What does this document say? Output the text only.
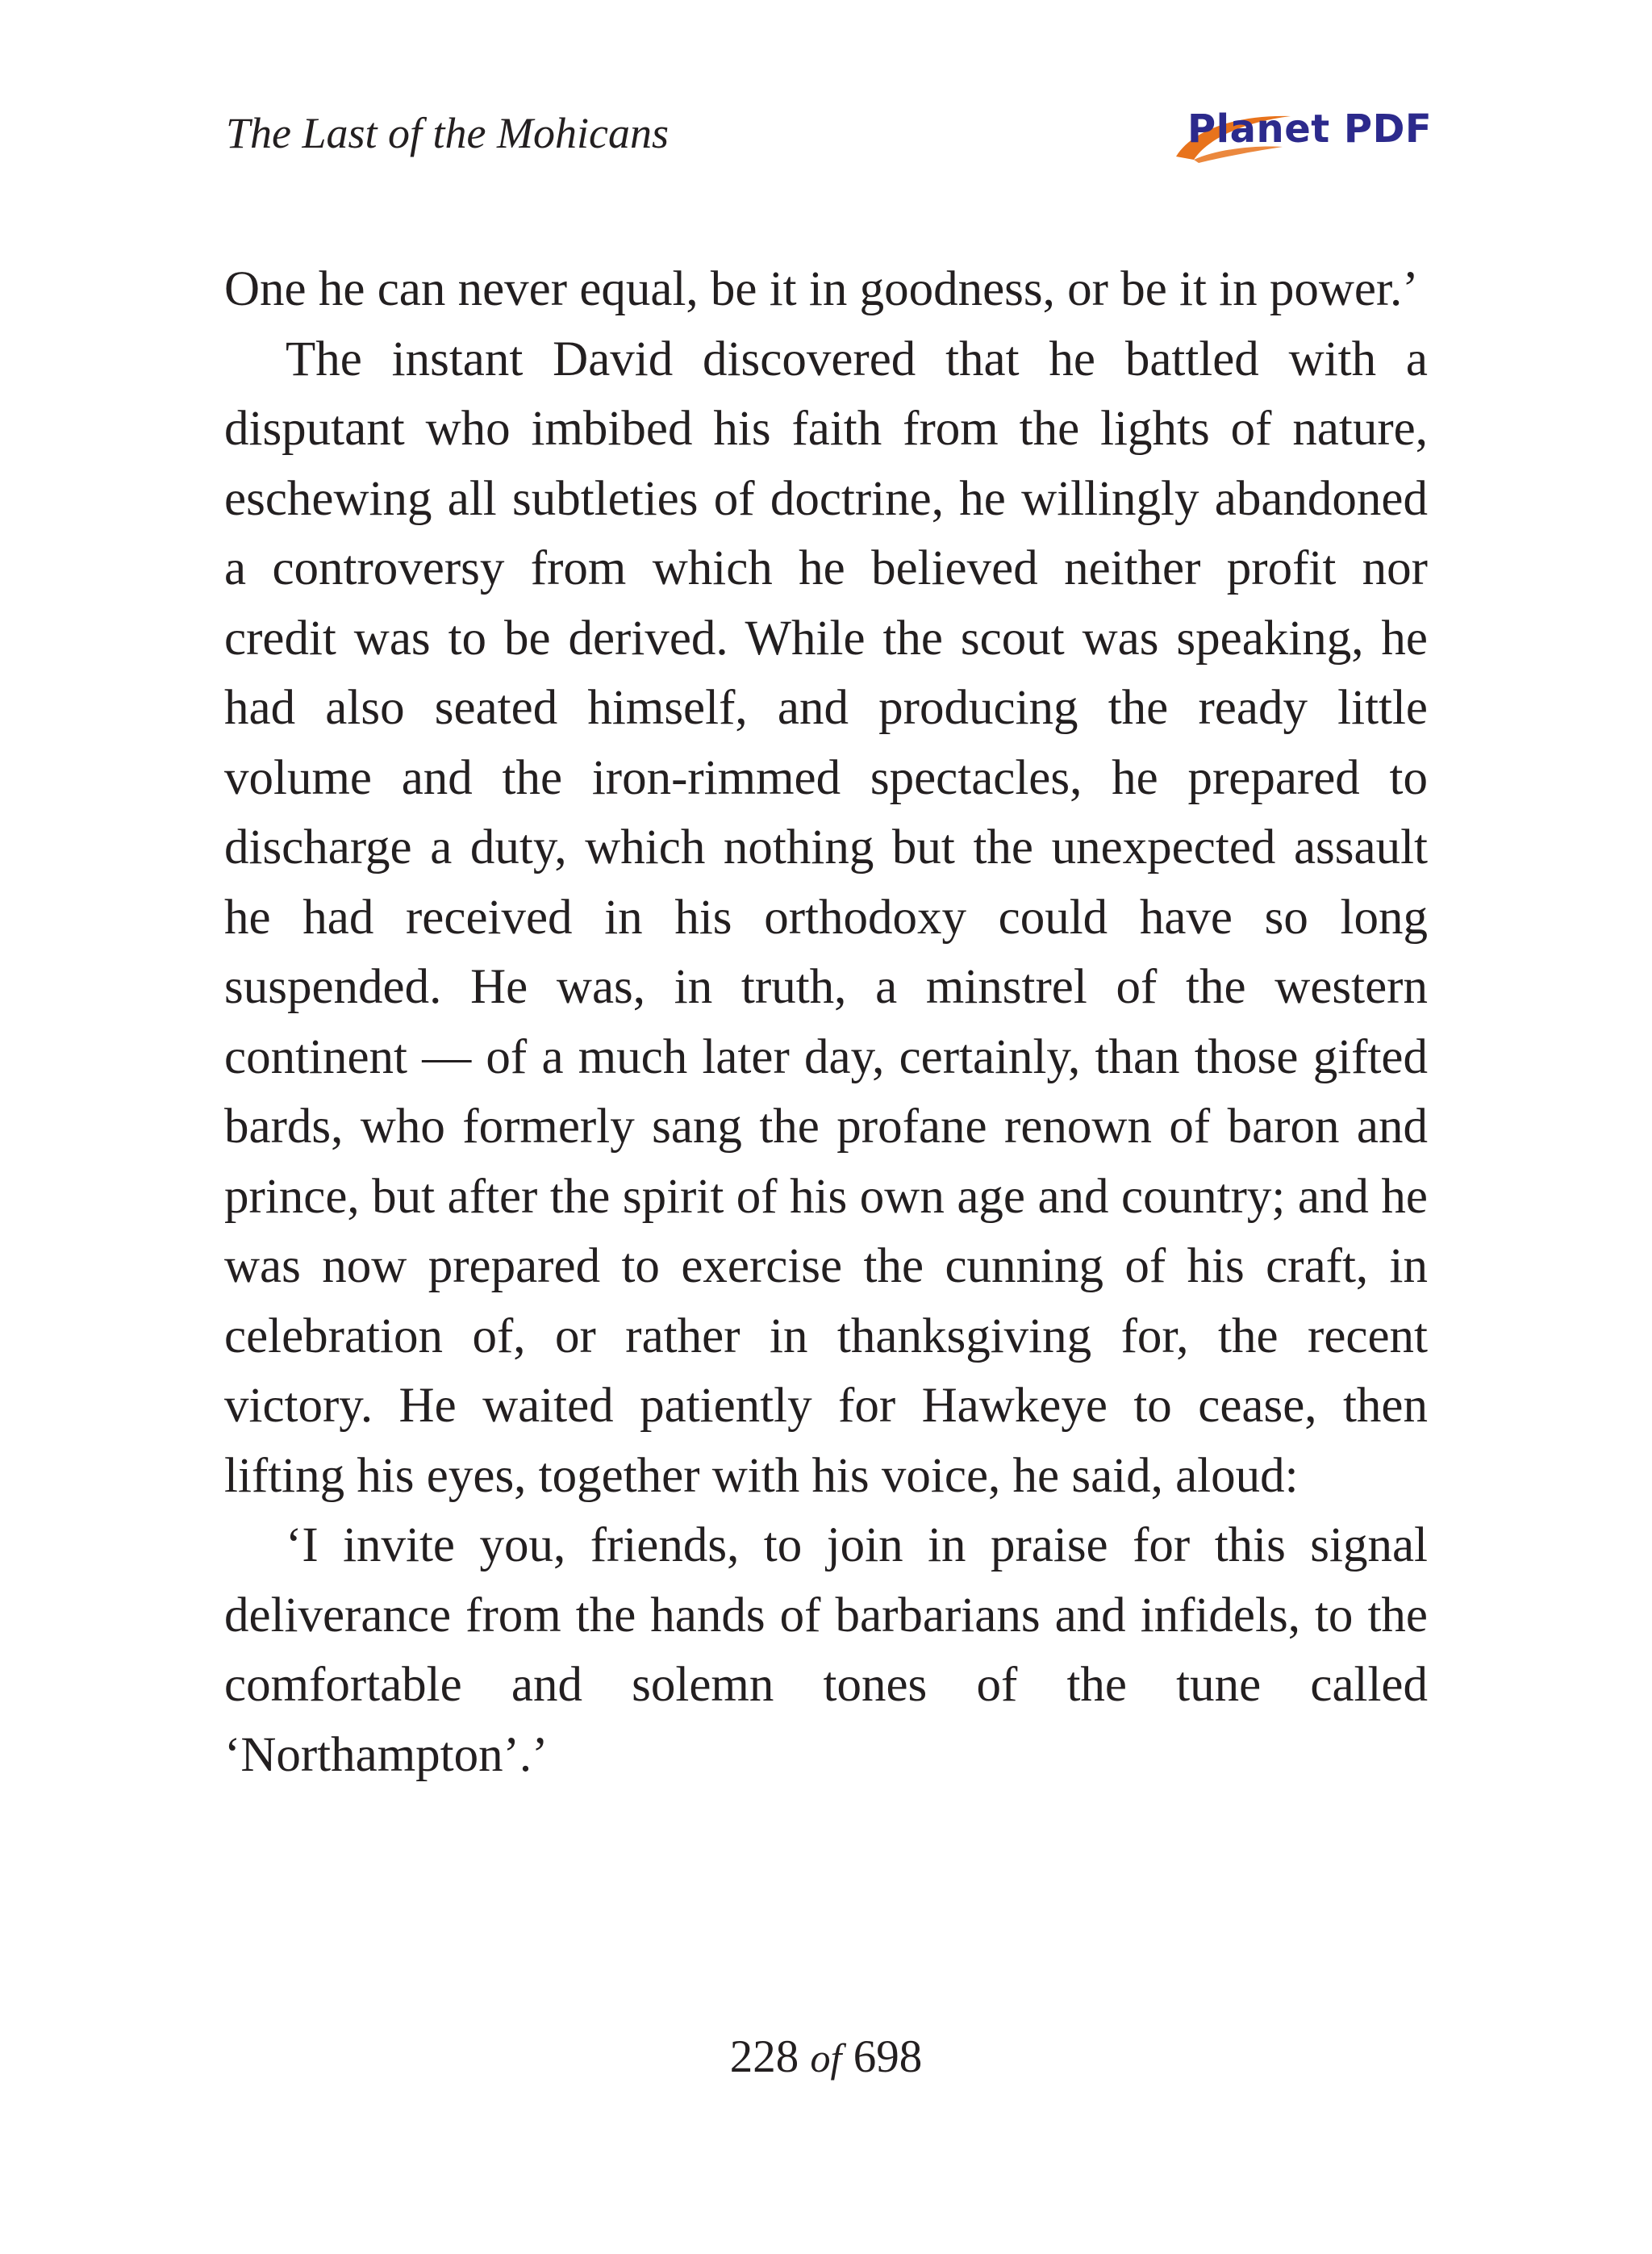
The Last of the Mohicans	Planet PDF

One he can never equal, be it in goodness, or be it in power.’

The instant David discovered that he battled with a disputant who imbibed his faith from the lights of nature, eschewing all subtleties of doctrine, he willingly abandoned a controversy from which he believed neither profit nor credit was to be derived. While the scout was speaking, he had also seated himself, and producing the ready little volume and the iron-rimmed spectacles, he prepared to discharge a duty, which nothing but the unexpected assault he had received in his orthodoxy could have so long suspended. He was, in truth, a minstrel of the western continent — of a much later day, certainly, than those gifted bards, who formerly sang the profane renown of baron and prince, but after the spirit of his own age and country; and he was now prepared to exercise the cunning of his craft, in celebration of, or rather in thanksgiving for, the recent victory. He waited patiently for Hawkeye to cease, then lifting his eyes, together with his voice, he said, aloud:

‘I invite you, friends, to join in praise for this signal deliverance from the hands of barbarians and infidels, to the comfortable and solemn tones of the tune called ‘Northampton’.’

228 of 698
